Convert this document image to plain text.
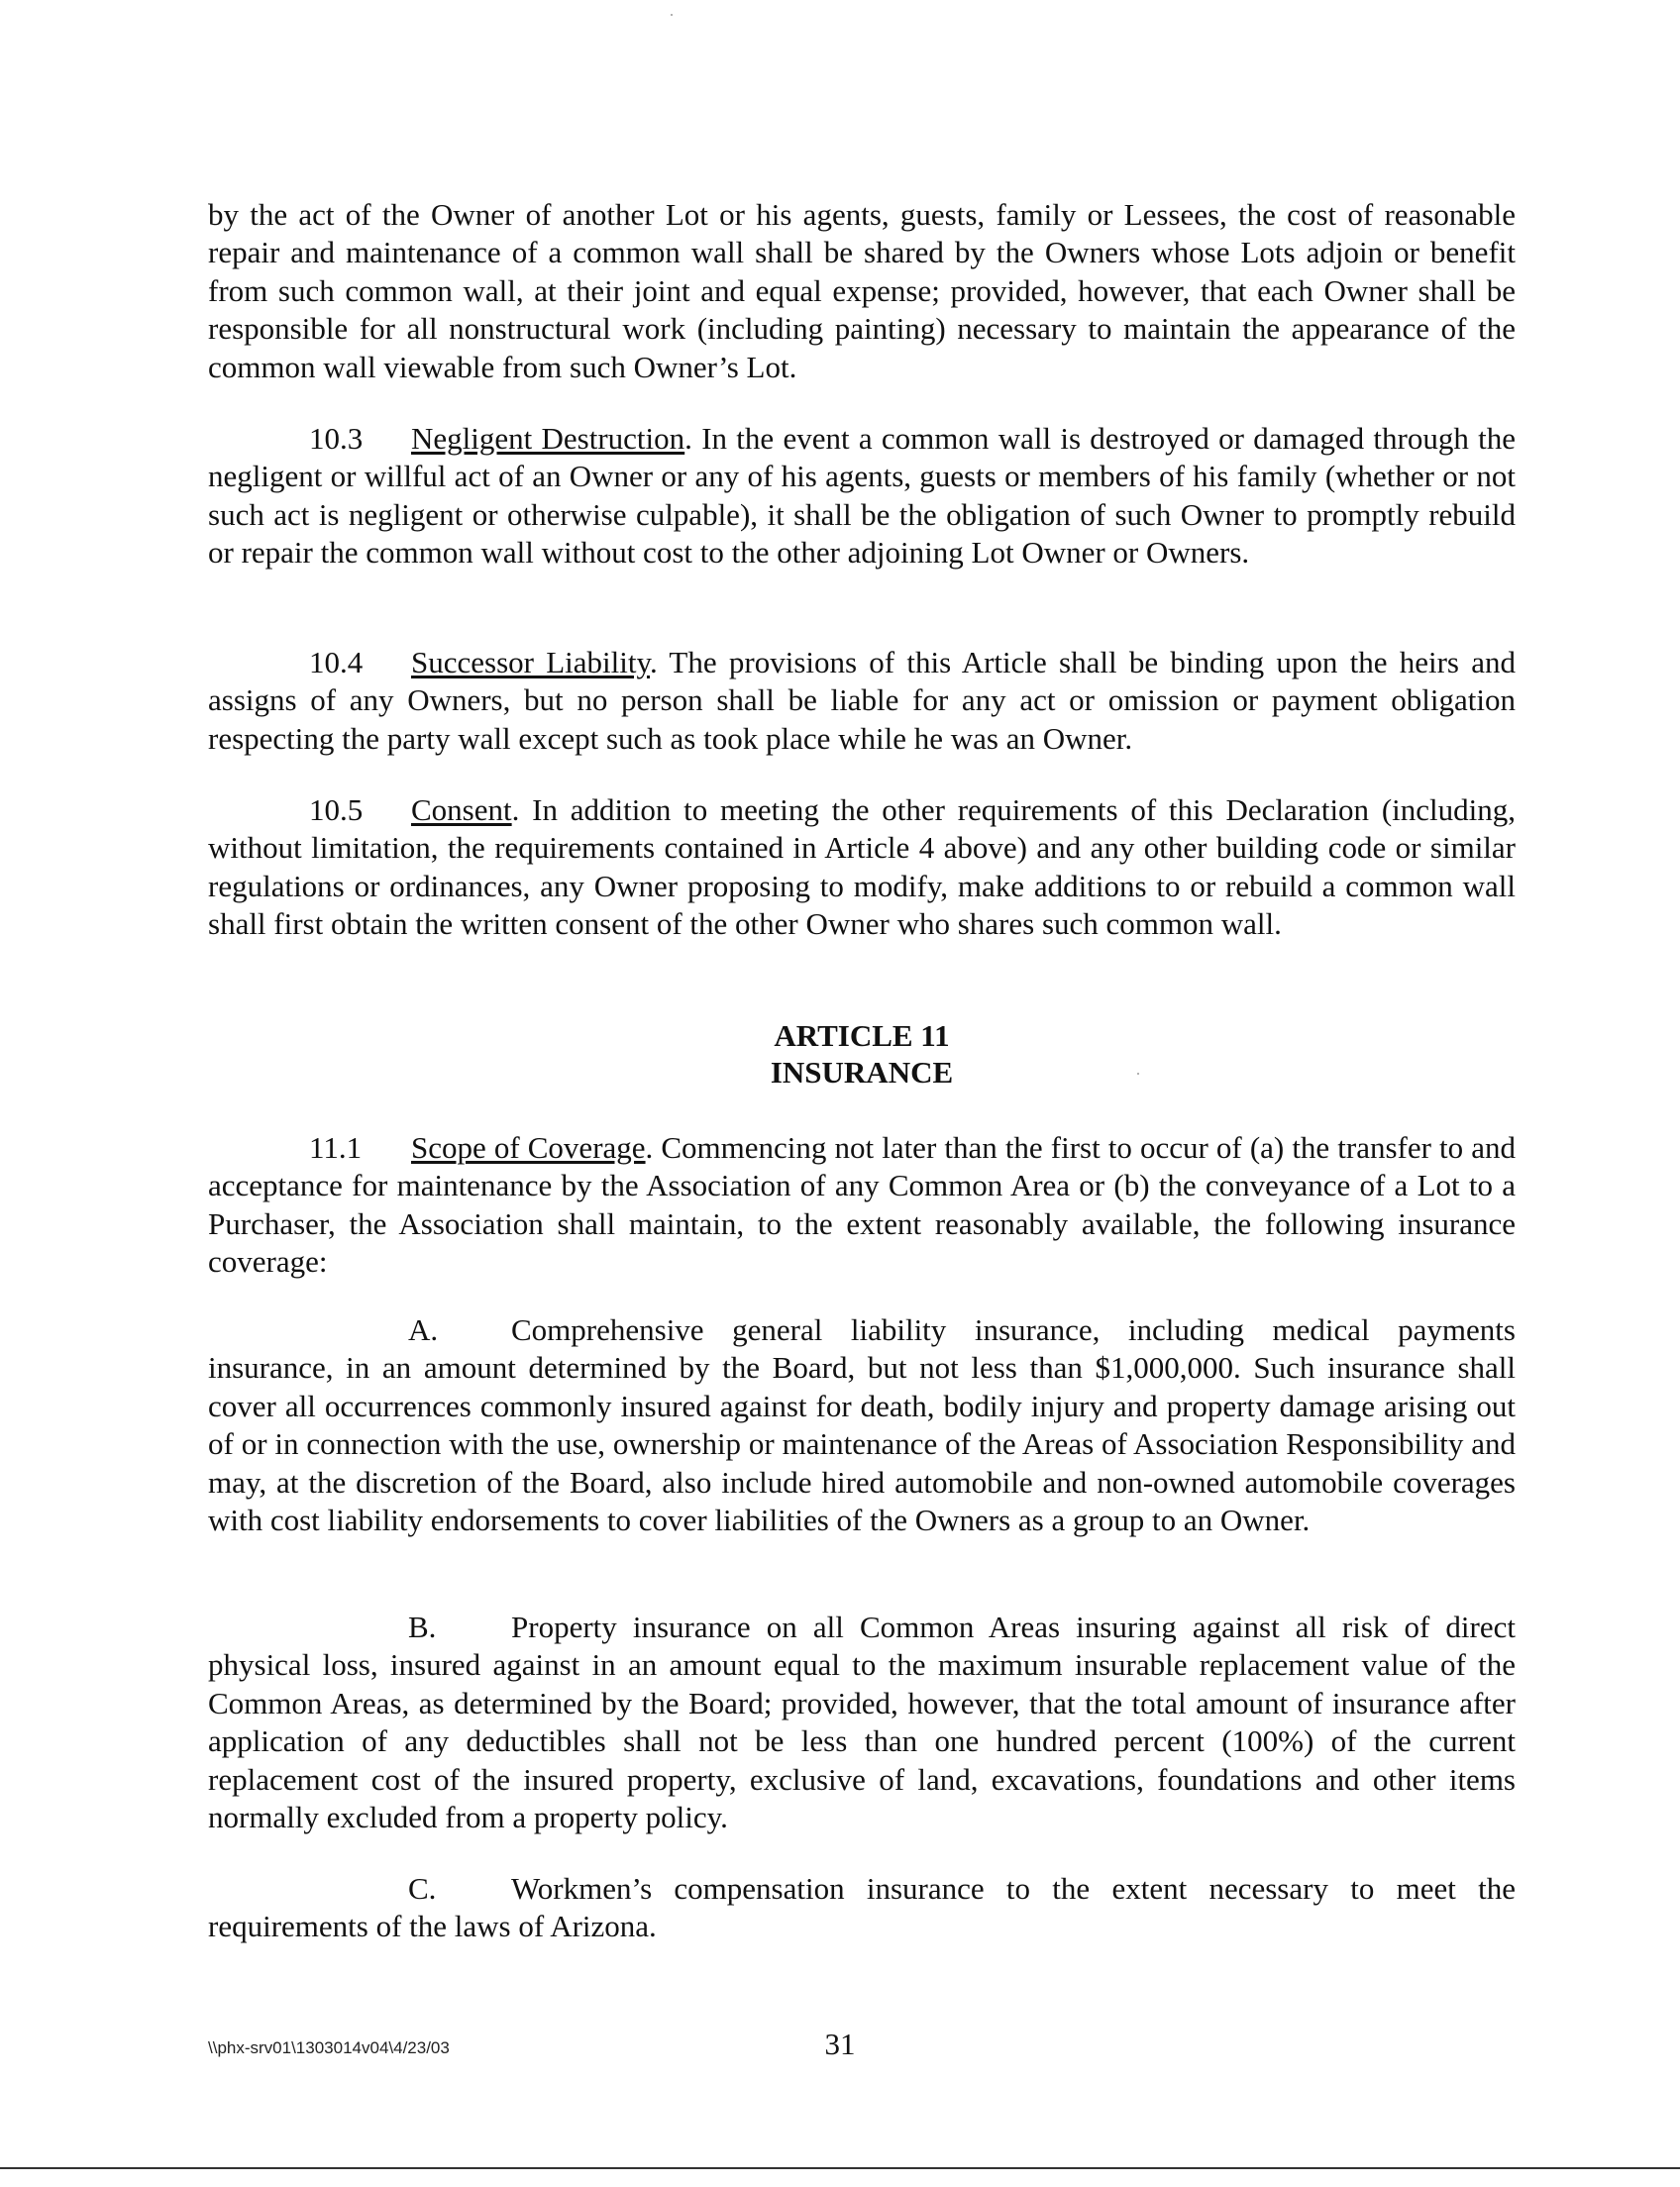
by the act of the Owner of another Lot or his agents, guests, family or Lessees, the cost of reasonable repair and maintenance of a common wall shall be shared by the Owners whose Lots adjoin or benefit from such common wall, at their joint and equal expense; provided, however, that each Owner shall be responsible for all nonstructural work (including painting) necessary to maintain the appearance of the common wall viewable from such Owner’s Lot.

10.3 Negligent Destruction. In the event a common wall is destroyed or damaged through the negligent or willful act of an Owner or any of his agents, guests or members of his family (whether or not such act is negligent or otherwise culpable), it shall be the obligation of such Owner to promptly rebuild or repair the common wall without cost to the other adjoining Lot Owner or Owners.

10.4 Successor Liability. The provisions of this Article shall be binding upon the heirs and assigns of any Owners, but no person shall be liable for any act or omission or payment obligation respecting the party wall except such as took place while he was an Owner.

10.5 Consent. In addition to meeting the other requirements of this Declaration (including, without limitation, the requirements contained in Article 4 above) and any other building code or similar regulations or ordinances, any Owner proposing to modify, make additions to or rebuild a common wall shall first obtain the written consent of the other Owner who shares such common wall.

ARTICLE 11
INSURANCE

11.1 Scope of Coverage. Commencing not later than the first to occur of (a) the transfer to and acceptance for maintenance by the Association of any Common Area or (b) the conveyance of a Lot to a Purchaser, the Association shall maintain, to the extent reasonably available, the following insurance coverage:

A. Comprehensive general liability insurance, including medical payments insurance, in an amount determined by the Board, but not less than $1,000,000. Such insurance shall cover all occurrences commonly insured against for death, bodily injury and property damage arising out of or in connection with the use, ownership or maintenance of the Areas of Association Responsibility and may, at the discretion of the Board, also include hired automobile and non-owned automobile coverages with cost liability endorsements to cover liabilities of the Owners as a group to an Owner.

B. Property insurance on all Common Areas insuring against all risk of direct physical loss, insured against in an amount equal to the maximum insurable replacement value of the Common Areas, as determined by the Board; provided, however, that the total amount of insurance after application of any deductibles shall not be less than one hundred percent (100%) of the current replacement cost of the insured property, exclusive of land, excavations, foundations and other items normally excluded from a property policy.

C. Workmen’s compensation insurance to the extent necessary to meet the requirements of the laws of Arizona.

\\phx-srv01\1303014v04\4/23/03	31
